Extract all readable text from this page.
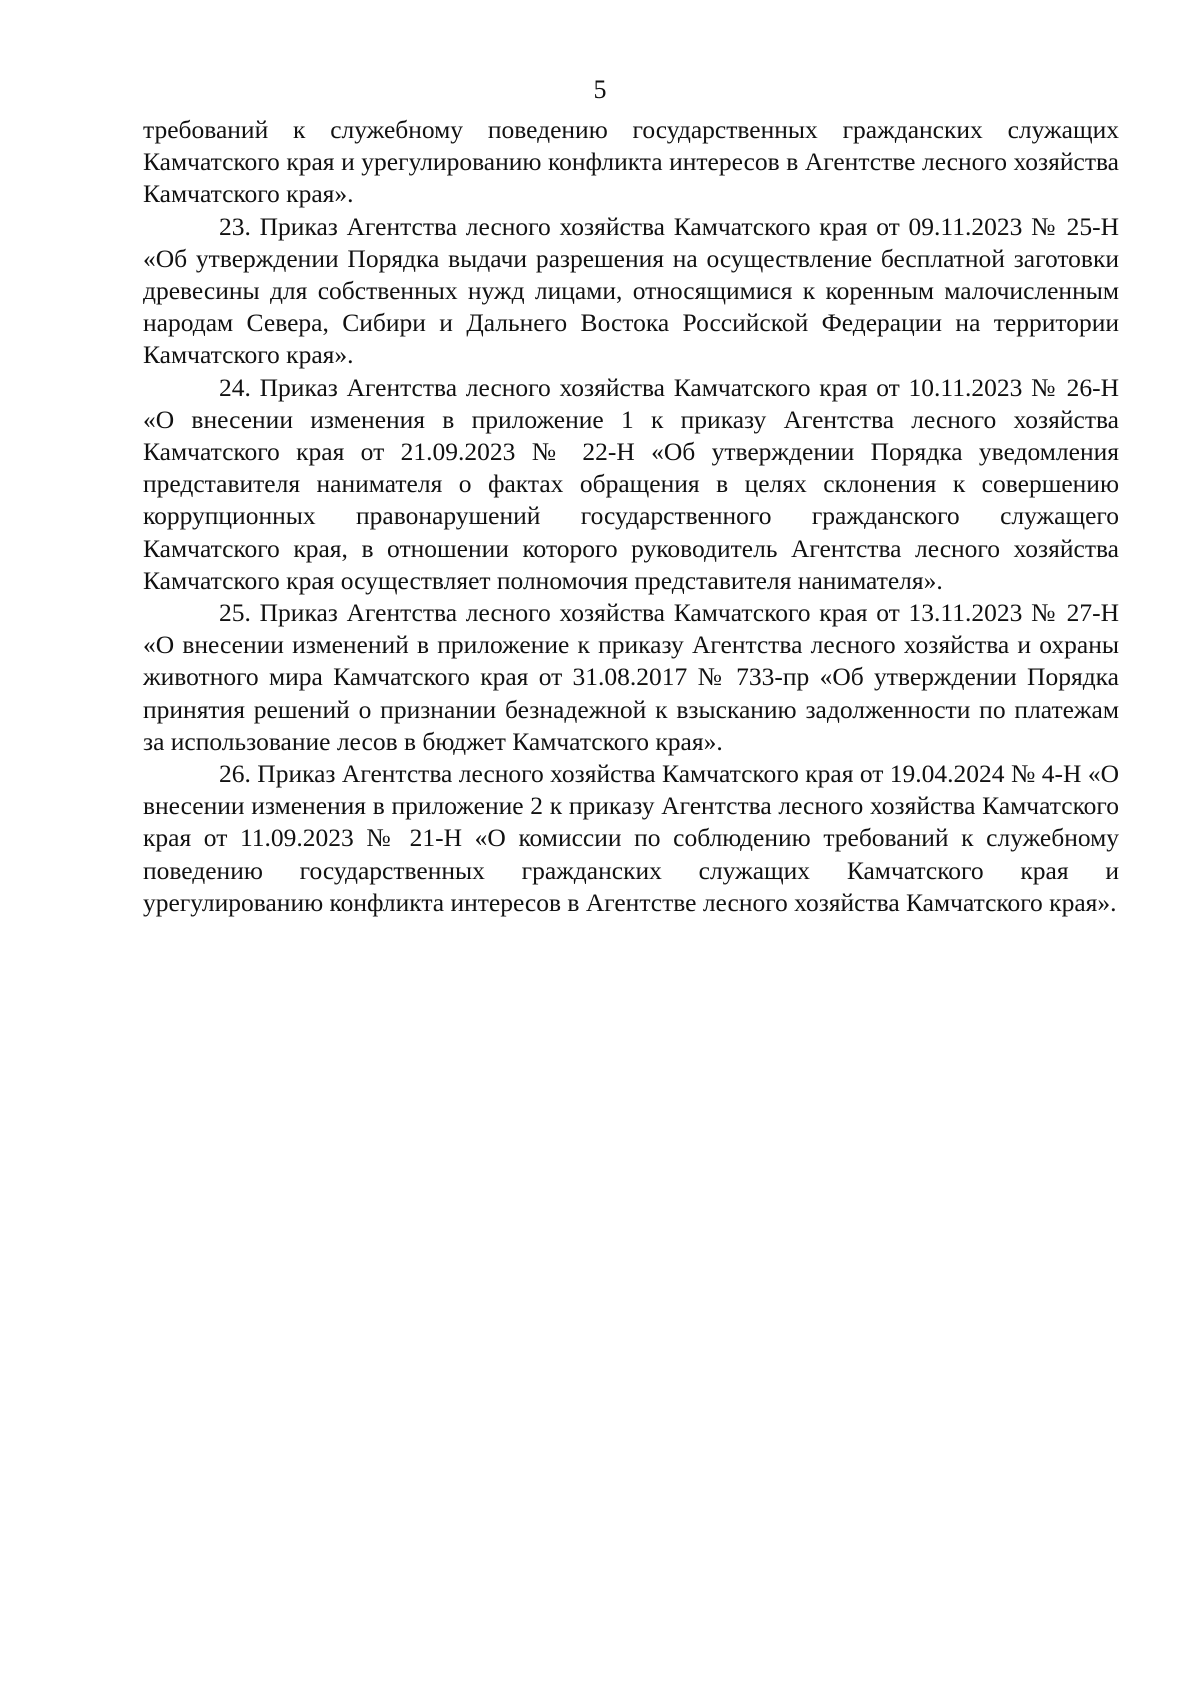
5

требований к служебному поведению государственных гражданских служащих Камчатского края и урегулированию конфликта интересов в Агентстве лесного хозяйства Камчатского края».

23. Приказ Агентства лесного хозяйства Камчатского края от 09.11.2023 № 25-Н «Об утверждении Порядка выдачи разрешения на осуществление бесплатной заготовки древесины для собственных нужд лицами, относящимися к коренным малочисленным народам Севера, Сибири и Дальнего Востока Российской Федерации на территории Камчатского края».

24. Приказ Агентства лесного хозяйства Камчатского края от 10.11.2023 № 26-Н «О внесении изменения в приложение 1 к приказу Агентства лесного хозяйства Камчатского края от 21.09.2023 № 22-Н «Об утверждении Порядка уведомления представителя нанимателя о фактах обращения в целях склонения к совершению коррупционных правонарушений государственного гражданского служащего Камчатского края, в отношении которого руководитель Агентства лесного хозяйства Камчатского края осуществляет полномочия представителя нанимателя».

25. Приказ Агентства лесного хозяйства Камчатского края от 13.11.2023 № 27-Н «О внесении изменений в приложение к приказу Агентства лесного хозяйства и охраны животного мира Камчатского края от 31.08.2017 № 733-пр «Об утверждении Порядка принятия решений о признании безнадежной к взысканию задолженности по платежам за использование лесов в бюджет Камчатского края».

26. Приказ Агентства лесного хозяйства Камчатского края от 19.04.2024 № 4-Н «О внесении изменения в приложение 2 к приказу Агентства лесного хозяйства Камчатского края от 11.09.2023 № 21-Н «О комиссии по соблюдению требований к служебному поведению государственных гражданских служащих Камчатского края и урегулированию конфликта интересов в Агентстве лесного хозяйства Камчатского края».
